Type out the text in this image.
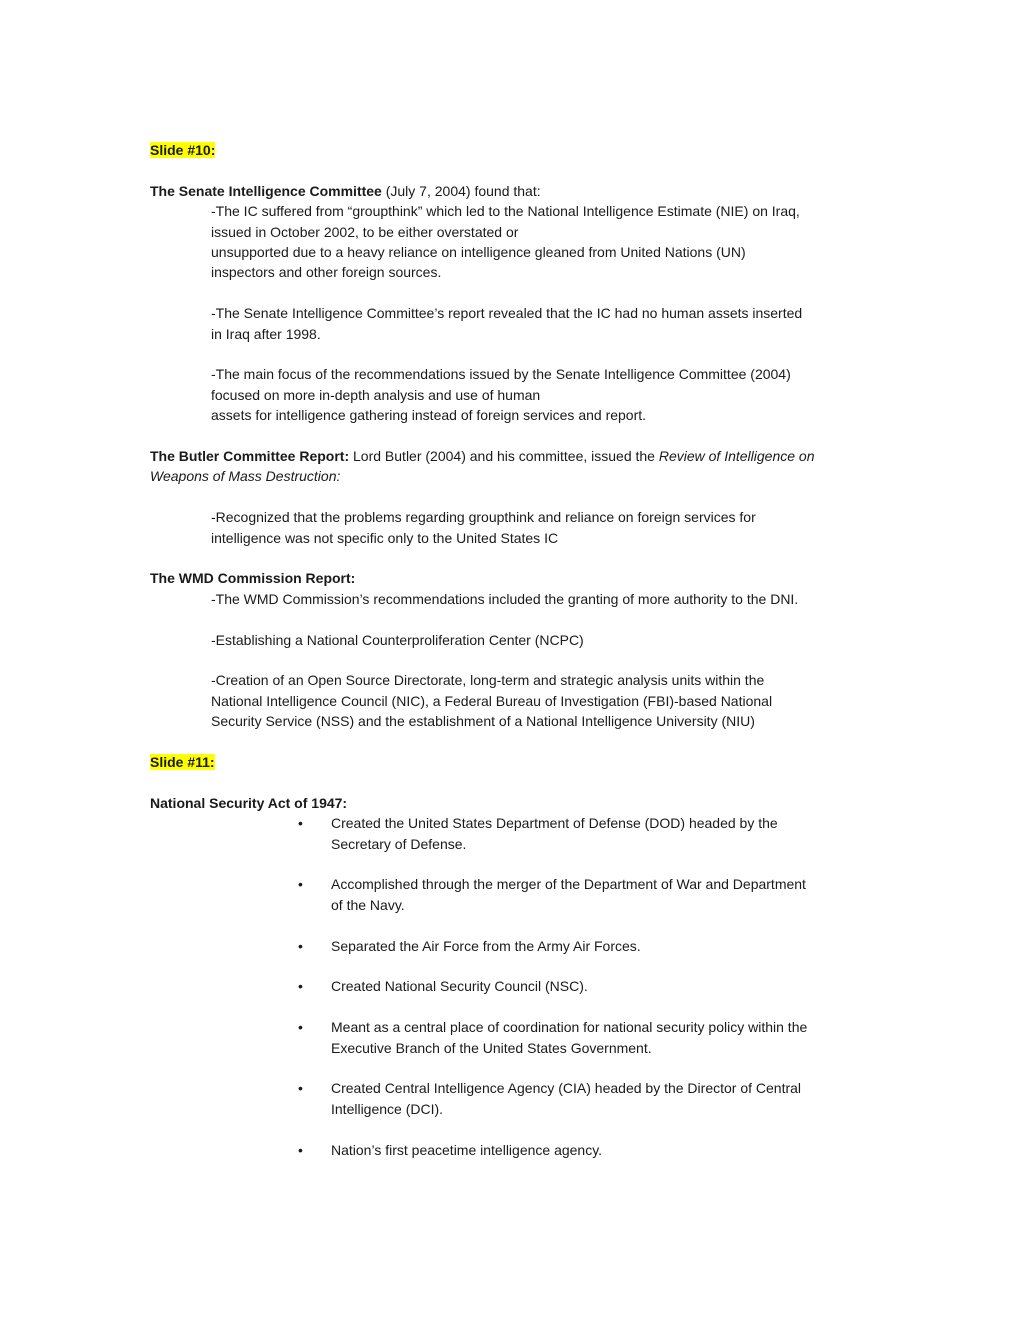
Slide #10:

The Senate Intelligence Committee (July 7, 2004) found that:

-The IC suffered from “groupthink” which led to the National Intelligence Estimate (NIE) on Iraq,

issued in October 2002, to be either overstated or

unsupported due to a heavy reliance on intelligence gleaned from United Nations (UN)

inspectors and other foreign sources.

-The Senate Intelligence Committee’s report revealed that the IC had no human assets inserted

in Iraq after 1998.

-The main focus of the recommendations issued by the Senate Intelligence Committee (2004)

focused on more in-depth analysis and use of human

assets for intelligence gathering instead of foreign services and report.

The Butler Committee Report: Lord Butler (2004) and his committee, issued the Review of Intelligence on

Weapons of Mass Destruction:

-Recognized that the problems regarding groupthink and reliance on foreign services for

intelligence was not specific only to the United States IC

The WMD Commission Report:

-The WMD Commission’s recommendations included the granting of more authority to the DNI.

-Establishing a National Counterproliferation Center (NCPC)

-Creation of an Open Source Directorate, long-term and strategic analysis units within the

National Intelligence Council (NIC), a Federal Bureau of Investigation (FBI)-based National

Security Service (NSS) and the establishment of a National Intelligence University (NIU)

Slide #11:

National Security Act of 1947:

•	Created the United States Department of Defense (DOD) headed by the

Secretary of Defense.

•	Accomplished through the merger of the Department of War and Department

of the Navy.

•	Separated the Air Force from the Army Air Forces.

•	Created National Security Council (NSC).

•	Meant as a central place of coordination for national security policy within the

Executive Branch of the United States Government.

•	Created Central Intelligence Agency (CIA) headed by the Director of Central

Intelligence (DCI).

•	Nation’s first peacetime intelligence agency.
